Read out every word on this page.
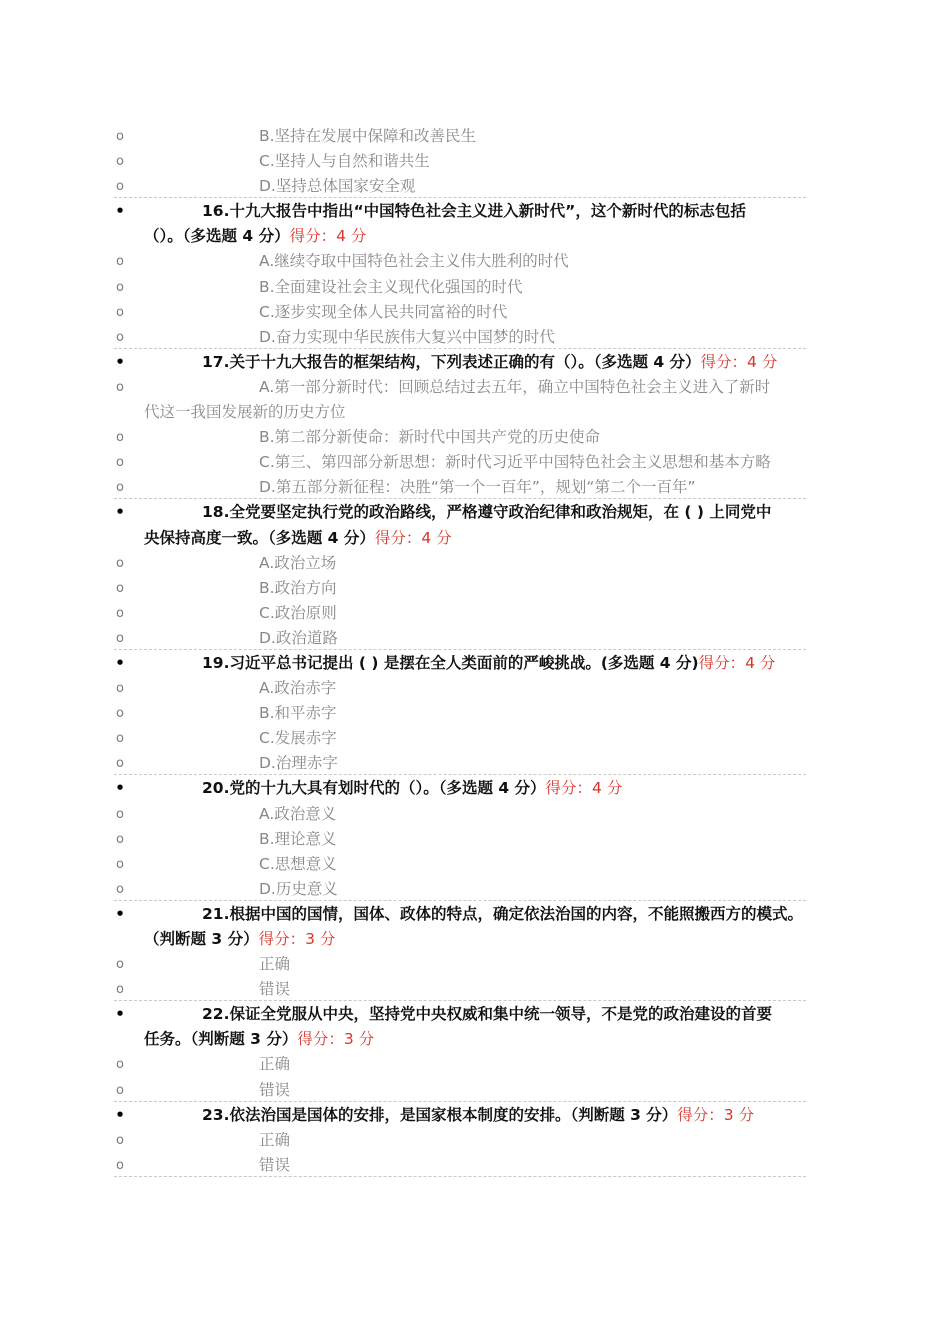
o	B.坚持在发展中保障和改善民生
o	C.坚持人与自然和谐共生
o	D.坚持总体国家安全观
•	16.十九大报告中指出“中国特色社会主义进入新时代”，这个新时代的标志包括
（）。（多选题 4 分）得分：4 分
o	A.继续夺取中国特色社会主义伟大胜利的时代
o	B.全面建设社会主义现代化强国的时代
o	C.逐步实现全体人民共同富裕的时代
o	D.奋力实现中华民族伟大复兴中国梦的时代
•	17.关于十九大报告的框架结构，下列表述正确的有（）。（多选题 4 分）得分：4 分
o	A.第一部分新时代：回顾总结过去五年，确立中国特色社会主义进入了新时
代这一我国发展新的历史方位
o	B.第二部分新使命：新时代中国共产党的历史使命
o	C.第三、第四部分新思想：新时代习近平中国特色社会主义思想和基本方略
o	D.第五部分新征程：决胜“第一个一百年”，规划“第二个一百年”
•	18.全党要坚定执行党的政治路线，严格遵守政治纪律和政治规矩，在 ( ) 上同党中
央保持高度一致。（多选题 4 分）得分：4 分
o	A.政治立场
o	B.政治方向
o	C.政治原则
o	D.政治道路
•	19.习近平总书记提出 ( ) 是摆在全人类面前的严峻挑战。(多选题 4 分)得分：4 分
o	A.政治赤字
o	B.和平赤字
o	C.发展赤字
o	D.治理赤字
•	20.党的十九大具有划时代的（）。（多选题 4 分）得分：4 分
o	A.政治意义
o	B.理论意义
o	C.思想意义
o	D.历史意义
•	21.根据中国的国情，国体、政体的特点，确定依法治国的内容，不能照搬西方的模式。
（判断题 3 分）得分：3 分
o	正确
o	错误
•	22.保证全党服从中央，坚持党中央权威和集中统一领导，不是党的政治建设的首要
任务。（判断题 3 分）得分：3 分
o	正确
o	错误
•	23.依法治国是国体的安排，是国家根本制度的安排。（判断题 3 分）得分：3 分
o	正确
o	错误
